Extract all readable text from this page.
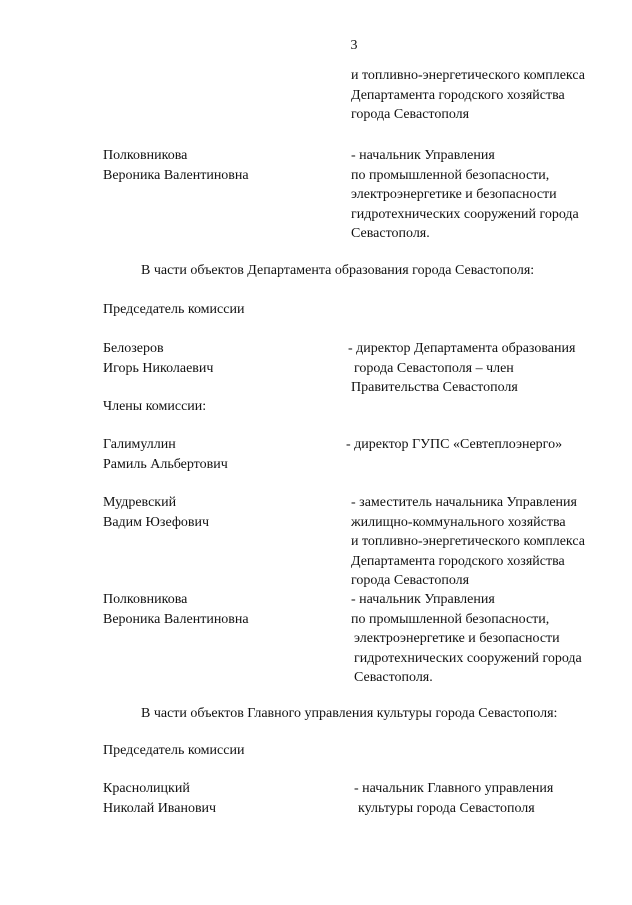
3
и топливно-энергетического комплекса
Департамента городского хозяйства
города Севастополя
Полковникова
Вероника Валентиновна
- начальник Управления
по промышленной безопасности,
электроэнергетике и безопасности
гидротехнических сооружений города
Севастополя.
В части объектов Департамента образования города Севастополя:
Председатель комиссии
Белозеров
Игорь Николаевич
- директор Департамента образования
города Севастополя – член
Правительства Севастополя
Члены комиссии:
Галимуллин
Рамиль Альбертович
- директор ГУПС «Севтеплоэнерго»
Мудревский
Вадим Юзефович
- заместитель начальника Управления
жилищно-коммунального хозяйства
и топливно-энергетического комплекса
Департамента городского хозяйства
города Севастополя
Полковникова
Вероника Валентиновна
- начальник Управления
по промышленной безопасности,
электроэнергетике и безопасности
гидротехнических сооружений города
Севастополя.
В части объектов Главного управления культуры города Севастополя:
Председатель комиссии
Краснолицкий
Николай Иванович
- начальник Главного управления
культуры города Севастополя
